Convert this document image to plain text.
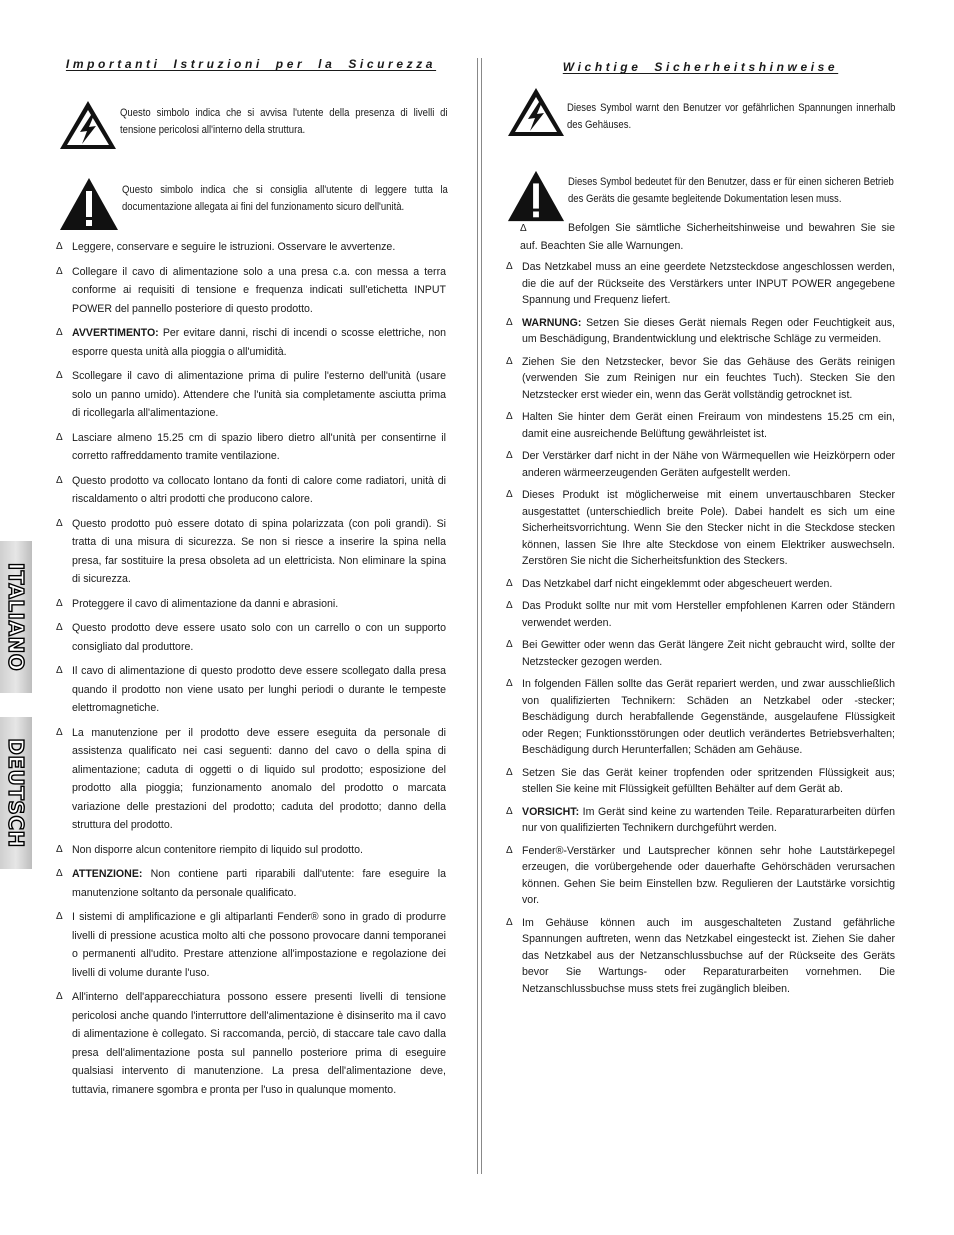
ITALIANO
DEUTSCH
Importanti Istruzioni per la Sicurezza
Questo simbolo indica che si avvisa l'utente della presenza di livelli di tensione pericolosi all'interno della struttura.
Questo simbolo indica che si consiglia all'utente di leggere tutta la documentazione allegata ai fini del funzionamento sicuro dell'unità.
Δ Leggere, conservare e seguire le istruzioni. Osservare le avvertenze.
Δ Collegare il cavo di alimentazione solo a una presa c.a. con messa a terra conforme ai requisiti di tensione e frequenza indicati sull'etichetta INPUT POWER del pannello posteriore di questo prodotto.
Δ AVVERTIMENTO: Per evitare danni, rischi di incendi o scosse elettriche, non esporre questa unità alla pioggia o all'umidità.
Δ Scollegare il cavo di alimentazione prima di pulire l'esterno dell'unità (usare solo un panno umido). Attendere che l'unità sia completamente asciutta prima di ricollegarla all'alimentazione.
Δ Lasciare almeno 15.25 cm di spazio libero dietro all'unità per consentirne il corretto raffreddamento tramite ventilazione.
Δ Questo prodotto va collocato lontano da fonti di calore come radiatori, unità di riscaldamento o altri prodotti che producono calore.
Δ Questo prodotto può essere dotato di spina polarizzata (con poli grandi). Si tratta di una misura di sicurezza. Se non si riesce a inserire la spina nella presa, far sostituire la presa obsoleta ad un elettricista. Non eliminare la spina di sicurezza.
Δ Proteggere il cavo di alimentazione da danni e abrasioni.
Δ Questo prodotto deve essere usato solo con un carrello o con un supporto consigliato dal produttore.
Δ Il cavo di alimentazione di questo prodotto deve essere scollegato dalla presa quando il prodotto non viene usato per lunghi periodi o durante le tempeste elettromagnetiche.
Δ La manutenzione per il prodotto deve essere eseguita da personale di assistenza qualificato nei casi seguenti: danno del cavo o della spina di alimentazione; caduta di oggetti o di liquido sul prodotto; esposizione del prodotto alla pioggia; funzionamento anomalo del prodotto o marcata variazione delle prestazioni del prodotto; caduta del prodotto; danno della struttura del prodotto.
Δ Non disporre alcun contenitore riempito di liquido sul prodotto.
Δ ATTENZIONE: Non contiene parti riparabili dall'utente: fare eseguire la manutenzione soltanto da personale qualificato.
Δ I sistemi di amplificazione e gli altiparlanti Fender® sono in grado di produrre livelli di pressione acustica molto alti che possono provocare danni temporanei o permanenti all'udito. Prestare attenzione all'impostazione e regolazione dei livelli di volume durante l'uso.
Δ All'interno dell'apparecchiatura possono essere presenti livelli di tensione pericolosi anche quando l'interruttore dell'alimentazione è disinserito ma il cavo di alimentazione è collegato. Si raccomanda, perciò, di staccare tale cavo dalla presa dell'alimentazione posta sul pannello posteriore prima di eseguire qualsiasi intervento di manutenzione. La presa dell'alimentazione deve, tuttavia, rimanere sgombra e pronta per l'uso in qualunque momento.
Wichtige Sicherheitshinweise
Dieses Symbol warnt den Benutzer vor gefährlichen Spannungen innerhalb des Gehäuses.
Dieses Symbol bedeutet für den Benutzer, dass er für einen sicheren Betrieb des Geräts die gesamte begleitende Dokumentation lesen muss.
Δ	Befolgen Sie sämtliche Sicherheitshinweise und bewahren Sie sie auf. Beachten Sie alle Warnungen.
Δ Das Netzkabel muss an eine geerdete Netzsteckdose angeschlossen werden, die die auf der Rückseite des Verstärkers unter INPUT POWER angegebene Spannung und Frequenz liefert.
Δ WARNUNG: Setzen Sie dieses Gerät niemals Regen oder Feuchtigkeit aus, um Beschädigung, Brandentwicklung und elektrische Schläge zu vermeiden.
Δ Ziehen Sie den Netzstecker, bevor Sie das Gehäuse des Geräts reinigen (verwenden Sie zum Reinigen nur ein feuchtes Tuch). Stecken Sie den Netzstecker erst wieder ein, wenn das Gerät vollständig getrocknet ist.
Δ Halten Sie hinter dem Gerät einen Freiraum von mindestens 15.25 cm ein, damit eine ausreichende Belüftung gewährleistet ist.
Δ Der Verstärker darf nicht in der Nähe von Wärmequellen wie Heizkörpern oder anderen wärmeerzeugenden Geräten aufgestellt werden.
Δ Dieses Produkt ist möglicherweise mit einem unvertauschbaren Stecker ausgestattet (unterschiedlich breite Pole). Dabei handelt es sich um eine Sicherheitsvorrichtung. Wenn Sie den Stecker nicht in die Steckdose stecken können, lassen Sie Ihre alte Steckdose von einem Elektriker auswechseln. Zerstören Sie nicht die Sicherheitsfunktion des Steckers.
Δ Das Netzkabel darf nicht eingeklemmt oder abgescheuert werden.
Δ Das Produkt sollte nur mit vom Hersteller empfohlenen Karren oder Ständern verwendet werden.
Δ Bei Gewitter oder wenn das Gerät längere Zeit nicht gebraucht wird, sollte der Netzstecker gezogen werden.
Δ In folgenden Fällen sollte das Gerät repariert werden, und zwar ausschließlich von qualifizierten Technikern: Schäden an Netzkabel oder -stecker; Beschädigung durch herabfallende Gegenstände, ausgelaufene Flüssigkeit oder Regen; Funktionsstörungen oder deutlich verändertes Betriebsverhalten; Beschädigung durch Herunterfallen; Schäden am Gehäuse.
Δ Setzen Sie das Gerät keiner tropfenden oder spritzenden Flüssigkeit aus; stellen Sie keine mit Flüssigkeit gefüllten Behälter auf dem Gerät ab.
Δ VORSICHT: Im Gerät sind keine zu wartenden Teile. Reparaturarbeiten dürfen nur von qualifizierten Technikern durchgeführt werden.
Δ Fender®-Verstärker und Lautsprecher können sehr hohe Lautstärkepegel erzeugen, die vorübergehende oder dauerhafte Gehörschäden verursachen können. Gehen Sie beim Einstellen bzw. Regulieren der Lautstärke vorsichtig vor.
Δ Im Gehäuse können auch im ausgeschalteten Zustand gefährliche Spannungen auftreten, wenn das Netzkabel eingesteckt ist. Ziehen Sie daher das Netzkabel aus der Netzanschlussbuchse auf der Rückseite des Geräts bevor Sie Wartungs- oder Reparaturarbeiten vornehmen. Die Netzanschlussbuchse muss stets frei zugänglich bleiben.
